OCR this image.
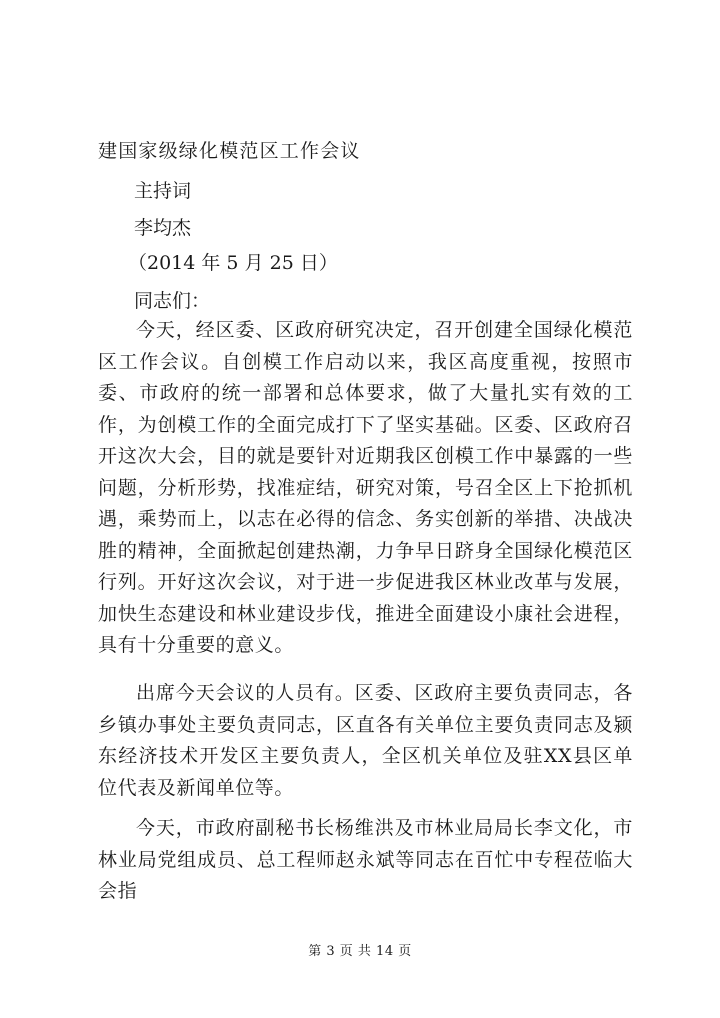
建国家级绿化模范区工作会议
主持词
李均杰
（2014 年 5 月 25 日）
同志们：
今天，经区委、区政府研究决定，召开创建全国绿化模范区工作会议。自创模工作启动以来，我区高度重视，按照市委、市政府的统一部署和总体要求，做了大量扎实有效的工作，为创模工作的全面完成打下了坚实基础。区委、区政府召开这次大会，目的就是要针对近期我区创模工作中暴露的一些问题，分析形势，找准症结，研究对策，号召全区上下抢抓机遇，乘势而上，以志在必得的信念、务实创新的举措、决战决胜的精神，全面掀起创建热潮，力争早日跻身全国绿化模范区行列。开好这次会议，对于进一步促进我区林业改革与发展，加快生态建设和林业建设步伐，推进全面建设小康社会进程，具有十分重要的意义。
出席今天会议的人员有。区委、区政府主要负责同志，各乡镇办事处主要负责同志，区直各有关单位主要负责同志及颍东经济技术开发区主要负责人，全区机关单位及驻XX县区单位代表及新闻单位等。
今天，市政府副秘书长杨维洪及市林业局局长李文化，市林业局党组成员、总工程师赵永斌等同志在百忙中专程莅临大会指
第 3 页 共 14 页
